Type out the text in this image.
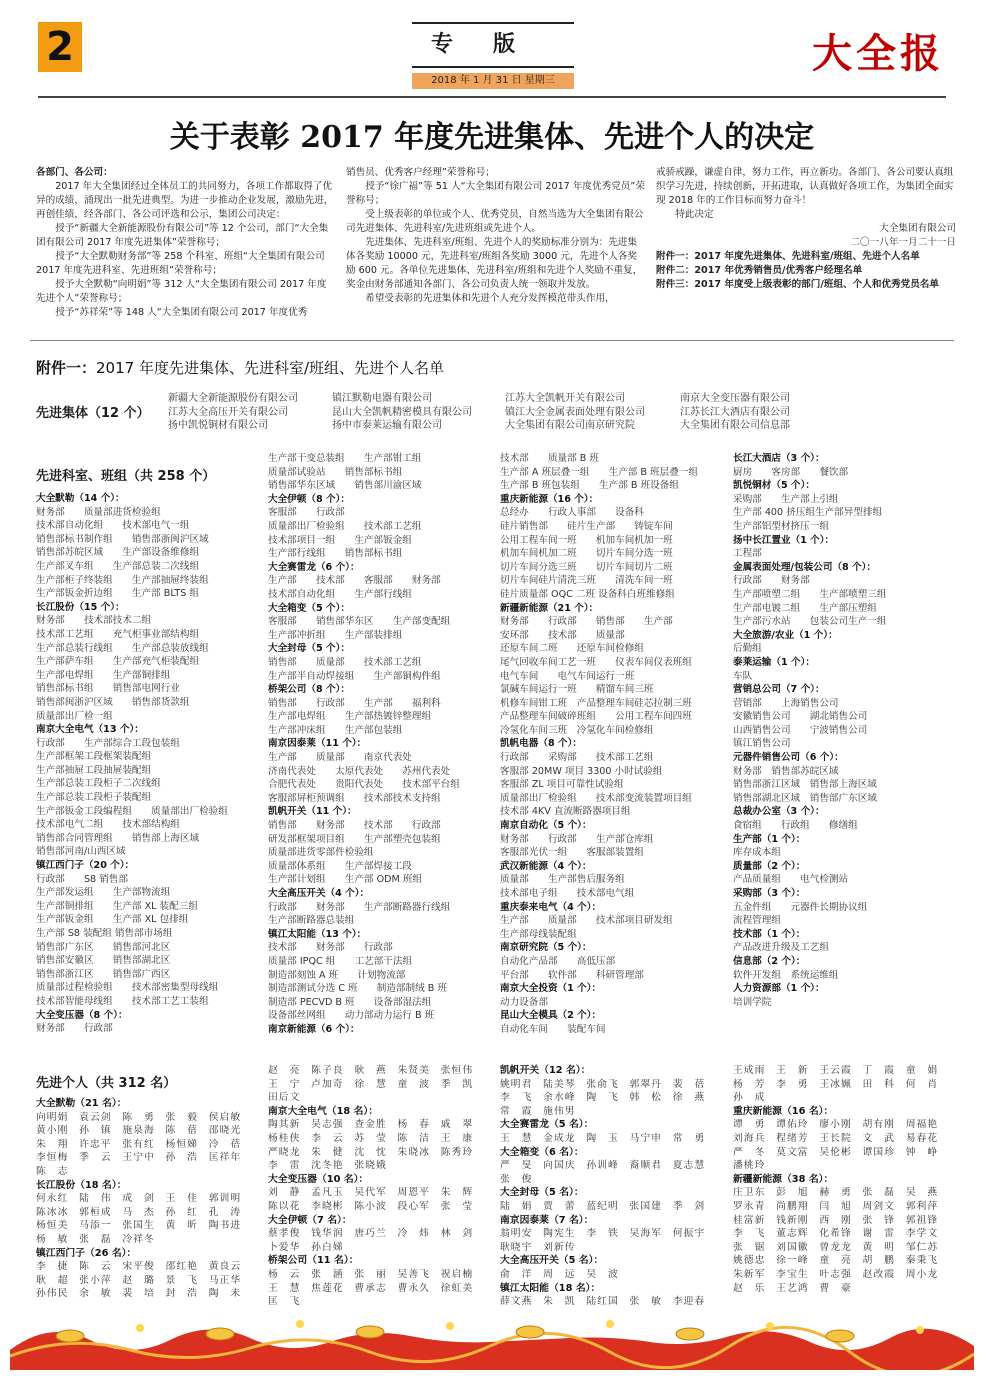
2	专版	大全报
2018 年 1 月 31 日 星期三
关于表彰 2017 年度先进集体、先进个人的决定

各部门、各公司：

2017 年大全集团经过全体员工的共同努力，各项工作都取得了优异的成绩，涌现出一批先进典型。为进一步推动企业发展，激励先进，再创佳绩，经各部门、各公司评选和公示，集团公司决定：

授予“新疆大全新能源股份有限公司”等 12 个公司，部门“大全集团有限公司 2017 年度先进集体”荣誉称号；

授予“大全默勒财务部”等 258 个科室、班组“大全集团有限公司 2017 年度先进科室、先进班组”荣誉称号；

授予大全默勒“向明娟”等 312 人“大全集团有限公司 2017 年度先进个人”荣誉称号；

授予“苏祥荣”等 148 人“大全集团有限公司 2017 年度优秀

销售员、优秀客户经理”荣誉称号；

授予“徐广福”等 51 人“大全集团有限公司 2017 年度优秀党员”荣誉称号；

受上级表彰的单位或个人、优秀党员，自然当选为大全集团有限公司先进集体、先进科室/先进班组或先进个人。

先进集体、先进科室/班组、先进个人的奖励标准分别为：先进集体各奖励 10000 元，先进科室/班组各奖励 3000 元，先进个人各奖励 600 元。各单位先进集体、先进科室/班组和先进个人奖励不重复，奖金由财务部通知各部门、各公司负责人统一领取并发放。

希望受表彰的先进集体和先进个人充分发挥模范带头作用，

戒骄戒躁，谦虚自律，努力工作，再立新功。各部门、各公司要认真组织学习先进，持续创新，开拓进取，认真做好各项工作，为集团全面实现 2018 年的工作目标而努力奋斗！

特此决定

大全集团有限公司

二〇一八年一月二十一日

附件一：2017 年度先进集体、先进科室/班组、先进个人名单

附件二：2017 年优秀销售员/优秀客户经理名单

附件三：2017 年度受上级表彰的部门/班组、个人和优秀党员名单

附件一：2017 年度先进集体、先进科室/班组、先进个人名单
先进集体（12 个）
新疆大全新能源股份有限公司
江苏大全高压开关有限公司
扬中凯悦铜材有限公司
镇江默勒电器有限公司
昆山大全凯帆精密模具有限公司
扬中市泰莱运输有限公司
江苏大全凯帆开关有限公司
镇江大全金属表面处理有限公司
大全集团有限公司南京研究院
南京大全变压器有限公司
江苏长江大酒店有限公司
大全集团有限公司信息部
先进科室、班组（共 258 个）
大全默勒（14 个）：
财务部　　质量部进货检验组
技术部自动化组　　技术部电气一组
销售部标书制作组　　销售部浙闽沪区域
销售部苏皖区域　　生产部设备维修组
生产部叉车组　　生产部总装二次线组
生产部柜子终装组　　生产部抽屉终装组
生产部钣金折边组　　生产部 BLTS 组
长江股份（15 个）：
财务部　　技术部技术二组
技术部工艺组　　充气柜事业部结构组
生产部总装行线组　　生产部总装放线组
生产部萨车组　　生产部充气柜装配组
生产部电焊组　　生产部铜排组
销售部标书组　　销售部电网行业
销售部闽浙沪区域　　销售部货款组
质量部出厂检一组
南京大全电气（13 个）：
行政部　　生产部综合工段包装组
生产部框架工段框架装配组
生产部抽屉工段抽屉装配组
生产部总装工段柜子二次线组
生产部总装工段柜子装配组
生产部钣金工段编程组　　质量部出厂检验组
技术部电气二组　　技术部结构组
销售部合同管理组　　销售部上海区域
销售部河南/山西区域
镇江西门子（20 个）：
行政部　　S8 销售部
生产部发运组　　生产部物流组
生产部铜排组　　生产部 XL 装配三组
生产部钣金组　　生产部 XL 包排组
生产部 S8 装配组 销售部市场组
销售部广东区　　销售部河北区
销售部安徽区　　销售部湖北区
销售部浙江区　　销售部广西区
质量部过程检验组　　技术部密集型母线组
技术部智能母线组　　技术部工艺工装组
大全变压器（8 个）：
财务部　　行政部
生产部干变总装组　　生产部钳工组
质量部试验站　　销售部标书组
销售部华东区域　　销售部川渝区域
大全伊顿（8 个）：
客服部　　行政部
质量部出厂检验组　　技术部工艺组
技术部项目一组　　生产部钣金组
生产部行线组　　销售部标书组
大全赛雷龙（6 个）：
生产部　　技术部　　客服部　　财务部
技术部自动化组　　生产部行线组
大全箱变（5 个）：
客服部　　销售部华东区　　生产部变配组
生产部冲折组　　生产部装排组
大全封母（5 个）：
销售部　　质量部　　技术部工艺组
生产部半自动焊接组　　生产部铜构件组
桥架公司（8 个）：
销售部　　行政部　　生产部　　福利科
生产部电焊组　　生产部热镀锌整理组
生产部冲床组　　生产部包装组
南京因泰莱（11 个）：
生产部　　质量部　　南京代表处
济南代表处　　太原代表处　　苏州代表处
合肥代表处　　贵阳代表处　　技术部平台组
客服部屏柜预调组　　技术部技术支持组
凯帆开关（11 个）：
销售部　　财务部　　技术部　　行政部
研发部框架项目组　　生产部塑壳包装组
质量部进货零部件检验组
质量部体系组　　生产部焊接工段
生产部计划组　　生产部 ODM 班组
大全高压开关（4 个）：
行政部　　财务部　　生产部断路器行线组
生产部断路器总装组
镇江太阳能（13 个）：
技术部　　财务部　　行政部
质量部 IPQC 组　　工艺部干法组
制造部刻蚀 A 班　　计划物流部
制造部测试分选 C 班　　制造部制绒 B 班
制造部 PECVD B 班　　设备部湿法组
设备部丝网组　　动力部动力运行 B 班
南京新能源（6 个）：
技术部　　质量部 B 班
生产部 A 班层叠一组　　生产部 B 班层叠一组
生产部 B 班包装组　　生产部 B 班设备组
重庆新能源（16 个）：
总经办　　行政人事部　　设备科
硅片销售部　　硅片生产部　　铸锭车间
公用工程车间一班　　机加车间机加一班
机加车间机加二班　　切片车间分选一班
切片车间分选三班　　切片车间切片二班
切片车间硅片清洗三班　　清洗车间一班
硅片质量部 OQC 二班 设备科白班维修组
新疆新能源（21 个）：
财务部　　行政部　　销售部　　生产部
安环部　　技术部　　质量部
还原车间二班　　还原车间检修组
尾气回收车间工艺一班　　仪表车间仪表班组
电气车间　　电气车间运行一班
氯碱车间运行一班　　精馏车间三班
机修车间钳工班　产品整理车间硅芯拉制三班
产品整理车间破碎班组　　公用工程车间四班
冷氢化车间三班　冷氢化车间检修组
凯帆电器（8 个）：
行政部　　采购部　　技术部工艺组
客服部 20MW 项目 3300 小时试验组
客服部 ZL 项目可靠性试验组
质量部出厂检验组　　技术部变流装置项目组
技术部 4KV 直流断路器项目组
南京自动化（5 个）：
财务部　　行政部　　生产部仓库组
客服部光伏一组　　客服部装置组
武汉新能源（4 个）：
质量部　　生产部售后服务组
技术部电子组　　技术部电气组
重庆泰来电气（4 个）：
生产部　　质量部　　技术部项目研发组
生产部母线装配组
南京研究院（5 个）：
自动化产品部　　高低压部
平台部　　软件部　　科研管理部
南京大全投资（1 个）：
动力设备部
昆山大全模具（2 个）：
自动化车间　　装配车间
长江大酒店（3 个）：
厨房　　客房部　　餐饮部
凯悦铜材（5 个）：
采购部　　生产部上引组
生产部 400 挤压组生产部异型排组
生产部铝型材挤压一组
扬中长江置业（1 个）：
工程部
金属表面处理/包装公司（8 个）：
行政部　　财务部
生产部喷塑二组　　生产部喷塑三组
生产部电镀二组　　生产部压塑组
生产部污水站　　包装公司生产一组
大全旅游/农业（1 个）：
后勤组
泰莱运输（1 个）：
车队
营销总公司（7 个）：
营销部　　上海销售公司
安徽销售公司　　湖北销售公司
山西销售公司　　宁波销售公司
镇江销售公司
元器件销售公司（6 个）：
财务部　销售部苏皖区域
销售部浙江区域　销售部上海区域
销售部湖北区域　销售部广东区域
总裁办公室（3 个）：
食宿组　　行政组　　修缮组
生产部（1 个）：
库存成本组
质量部（2 个）：
产品质量组　　电气检测站
采购部（3 个）：
五金件组　　元器件长期协议组
流程管理组
技术部（1 个）：
产品改进升级及工艺组
信息部（2 个）：
软件开发组　系统运维组
人力资源部（1 个）：
培训学院
先进个人（共 312 名）
大全默勒（21 名）：
向明娟　袁云剑　陈　勇　张　毅　侯启敏
黄小刚　孙　镇　施泉海　陈　蓓　邵晓光
朱　翔　许忠平　张有红　杨恒娣　冷　蓓
李恒梅　季　云　王宁中　孙　浩　匡祥年
陈　志
长江股份（18 名）：
何永红　陆　伟　成　剑　王　佳　郭训明
陈冰冰　郭桓成　马　杰　孙　红　孔　涛
杨恒美　马添一　张国生　黄　昕　陶书进
杨　敏　张　磊　冷祥冬
镇江西门子（26 名）：
李　捷　陈　云　宋平俊　邵红艳　黄良云
耿　超　张小萍　赵　璐　景　飞　马正华
孙伟民　余　敏　裴　培　封　浩　陶　未
赵　亮　陈子良　耿　燕　朱贤美　张恒伟
王　宁　卢加奇　徐　慧　童　波　季　凯
田后文
南京大全电气（18 名）：
陶其新　吴志强　查金胜　杨　春　戚　翠
杨桂侠　李　云　苏　莹　陈　洁　王　康
严晓龙　朱　健　沈　忱　朱晓冰　陈秀玲
李　雷　沈冬艳　张晓娥
大全变压器（10 名）：
刘　静　孟凡玉　吴代军　周恩平　朱　辉
陈以花　李晓彬　陈小波　段心军　张　莹
大全伊顿（7 名）：
蔡孝俊　钱华润　唐巧兰　冷　炜　林　剑
卜爱华　孙白娣
桥架公司（11 名）：
杨　云　张　涵　张　丽　吴善飞　祝启楠
王　慧　焦莲花　曹承志　曹永久　徐虹美
匡　飞
凯帆开关（12 名）：
姚明君　陆美琴　张俞飞　郭翠丹　裴　蓓
李　飞　余水峰　陶　飞　韩　松　徐　燕
常　霞　施伟男
大全赛雷龙（5 名）：
王　慧　金成龙　陶　玉　马宁申　常　勇
大全箱变（6 名）：
严　旻　向国庆　孙训峰　裔顺君　夏志慧
张　俊
大全封母（5 名）：
陆　娟　贾　蕾　蓝纪明　张国建　季　剑
南京因泰莱（7 名）：
翁明安　陶宪生　李　铁　吴海军　何振宇
耿晓宇　刘新传
大全高压开关（5 名）：
俞　洋　周　远　吴　波
镇江太阳能（18 名）：
薛文燕　朱　凯　陆红国　张　敏　李迎春
王成雨　王　新　王云霞　丁　霞　童　娟
杨　芳　李　勇　王冰姵　田　科　何　肖
孙　成
重庆新能源（16 名）：
谭　勇　谭佑玲　廖小刚　胡有刚　周福艳
刘海兵　程绪芳　王长院　文　武　易春花
严　冬　莫文富　吴伦彬　谭国珍　钟　峥
潘桃玲
新疆新能源（38 名）：
庄卫东　彭　旭　赫　勇　张　磊　吴　燕
罗永青　尚鹏翔　闫　旭　周剑文　郭利萍
桂富新　钱新刚　西　刚　张　锋　郭祖锋
李　飞　董志辉　化希锋　谢　雷　李学文
张　锯　刘国徽　曾龙龙　黄　明　邹仁苏
姚德忠　徐一峰　童　亮　胡　鹏　秦秉飞
朱新军　李宝生　叶志强　赵改霞　周小龙
赵　乐　王艺鸿　曹　豪
